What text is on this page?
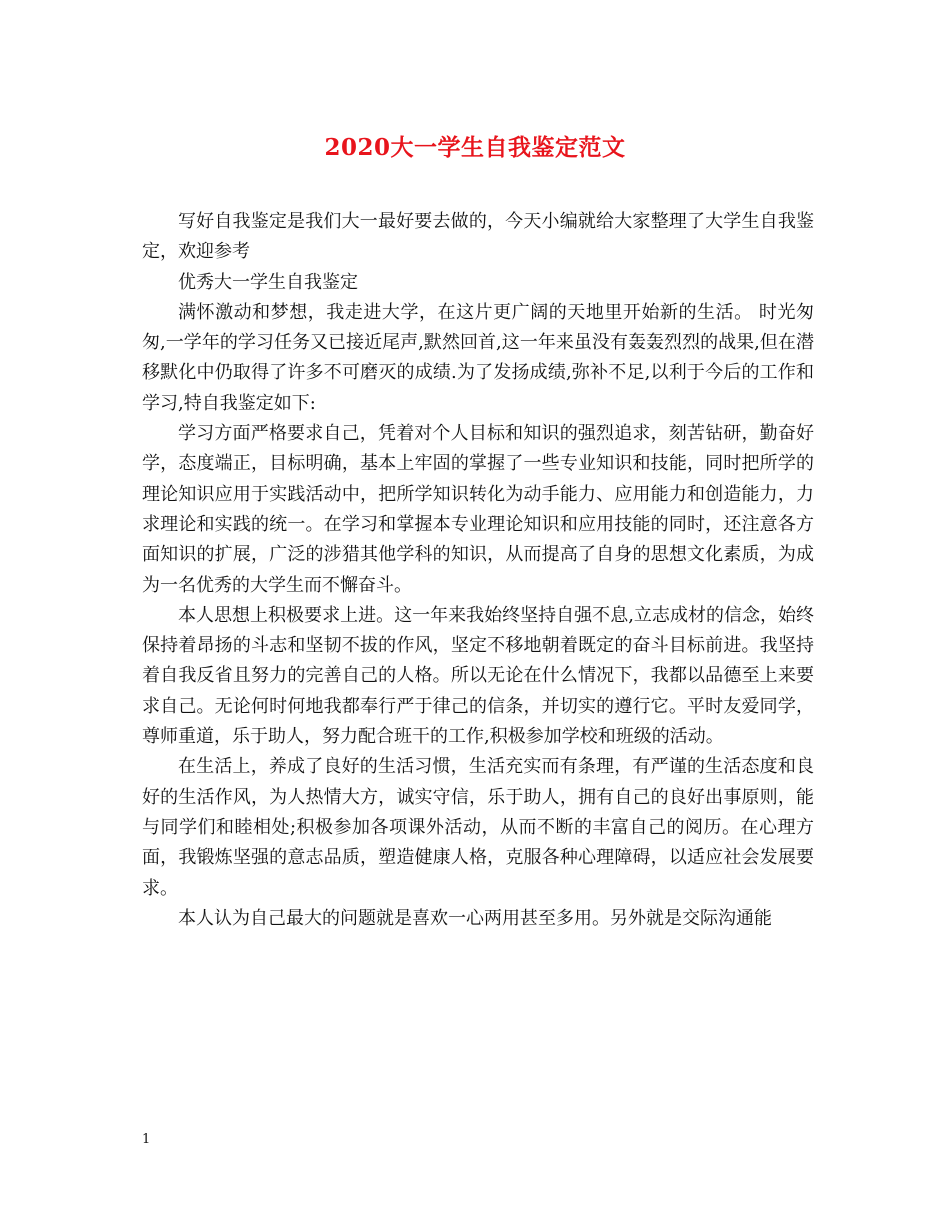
2020大一学生自我鉴定范文

写好自我鉴定是我们大一最好要去做的，今天小编就给大家整理了大学生自我鉴定，欢迎参考

优秀大一学生自我鉴定

满怀激动和梦想，我走进大学，在这片更广阔的天地里开始新的生活。 时光匆匆,一学年的学习任务又已接近尾声,默然回首,这一年来虽没有轰轰烈烈的战果,但在潜移默化中仍取得了许多不可磨灭的成绩.为了发扬成绩,弥补不足,以利于今后的工作和学习,特自我鉴定如下:

学习方面严格要求自己，凭着对个人目标和知识的强烈追求，刻苦钻研，勤奋好学，态度端正，目标明确，基本上牢固的掌握了一些专业知识和技能，同时把所学的理论知识应用于实践活动中，把所学知识转化为动手能力、应用能力和创造能力，力求理论和实践的统一。在学习和掌握本专业理论知识和应用技能的同时，还注意各方面知识的扩展，广泛的涉猎其他学科的知识，从而提高了自身的思想文化素质，为成为一名优秀的大学生而不懈奋斗。

本人思想上积极要求上进。这一年来我始终坚持自强不息,立志成材的信念，始终保持着昂扬的斗志和坚韧不拔的作风，坚定不移地朝着既定的奋斗目标前进。我坚持着自我反省且努力的完善自己的人格。所以无论在什么情况下，我都以品德至上来要求自己。无论何时何地我都奉行严于律己的信条，并切实的遵行它。平时友爱同学，尊师重道，乐于助人，努力配合班干的工作,积极参加学校和班级的活动。

在生活上，养成了良好的生活习惯，生活充实而有条理，有严谨的生活态度和良好的生活作风，为人热情大方，诚实守信，乐于助人，拥有自己的良好出事原则，能与同学们和睦相处;积极参加各项课外活动，从而不断的丰富自己的阅历。在心理方面，我锻炼坚强的意志品质，塑造健康人格，克服各种心理障碍，以适应社会发展要求。

本人认为自己最大的问题就是喜欢一心两用甚至多用。另外就是交际沟通能

1
